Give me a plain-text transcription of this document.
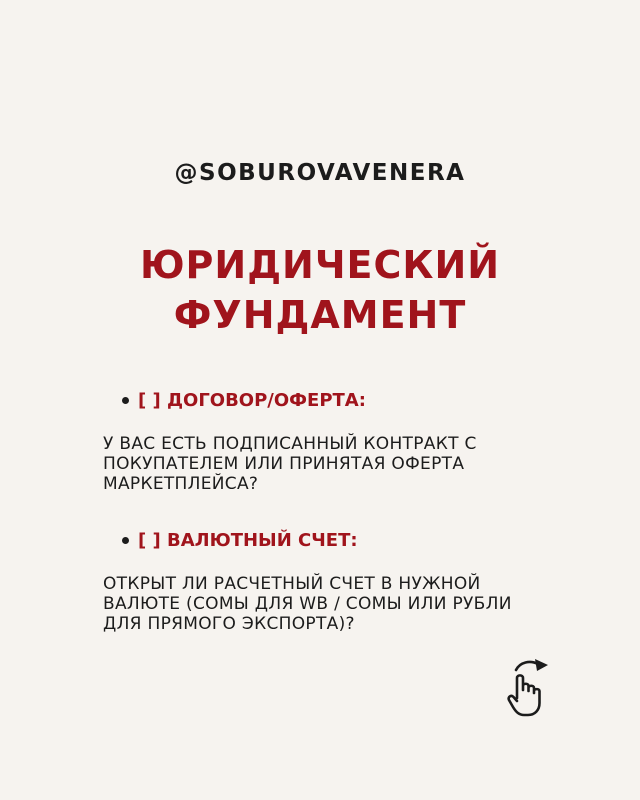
@SOBUROVAVENERA
ЮРИДИЧЕСКИЙ
ФУНДАМЕНТ
[ ] ДОГОВОР/ОФЕРТА:
У ВАС ЕСТЬ ПОДПИСАННЫЙ КОНТРАКТ С
ПОКУПАТЕЛЕМ ИЛИ ПРИНЯТАЯ ОФЕРТА
МАРКЕТПЛЕЙСА?
[ ] ВАЛЮТНЫЙ СЧЕТ:
ОТКРЫТ ЛИ РАСЧЕТНЫЙ СЧЕТ В НУЖНОЙ
ВАЛЮТЕ (СОМЫ ДЛЯ WB / СОМЫ ИЛИ РУБЛИ
ДЛЯ ПРЯМОГО ЭКСПОРТА)?
